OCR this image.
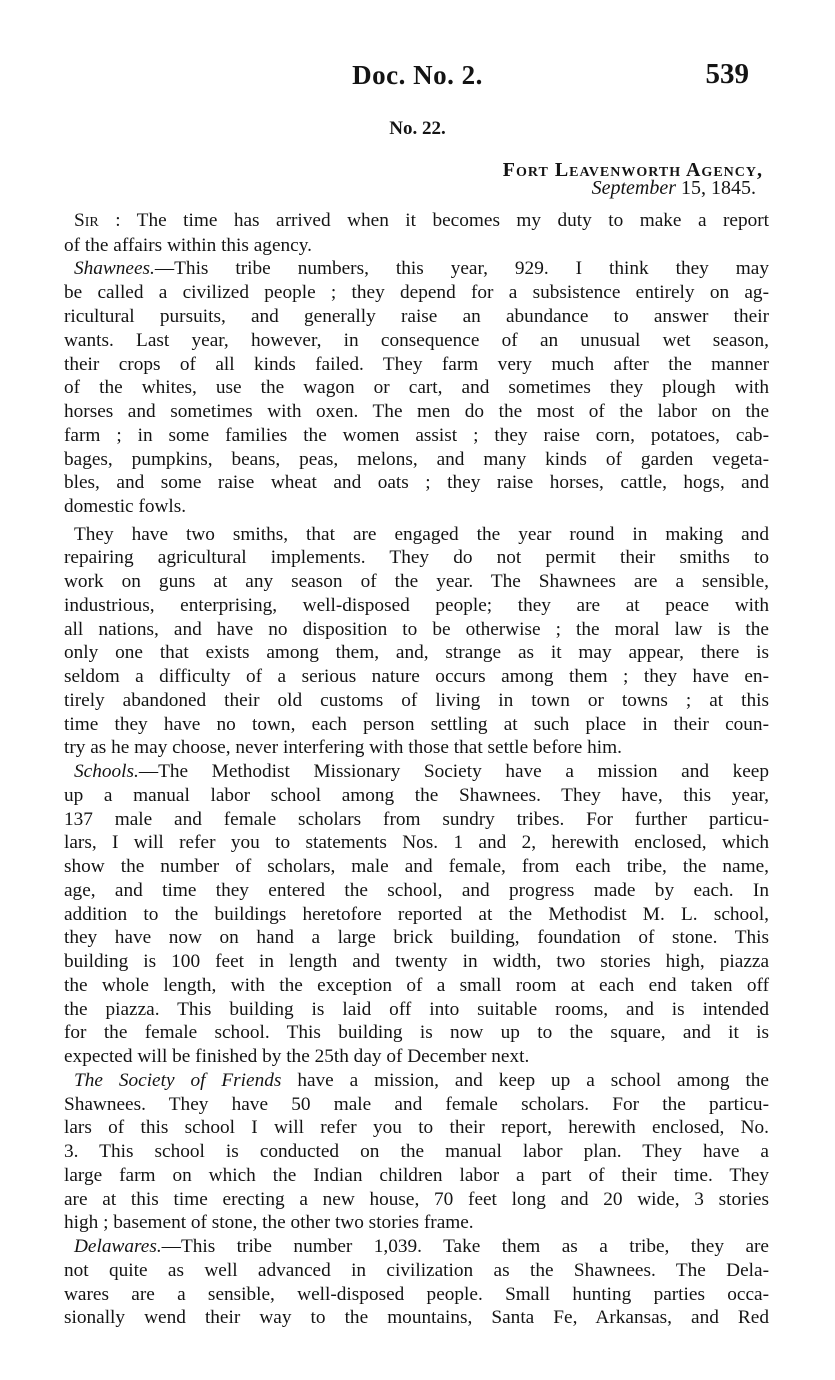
Doc. No. 2.	539
No. 22.
Fort Leavenworth Agency,
September 15, 1845.
Sir : The time has arrived when it becomes my duty to make a report
of the affairs within this agency.
Shawnees.—This tribe numbers, this year, 929. I think they may
be called a civilized people ; they depend for a subsistence entirely on ag-
ricultural pursuits, and generally raise an abundance to answer their
wants. Last year, however, in consequence of an unusual wet season,
their crops of all kinds failed. They farm very much after the manner
of the whites, use the wagon or cart, and sometimes they plough with
horses and sometimes with oxen. The men do the most of the labor on the
farm ; in some families the women assist ; they raise corn, potatoes, cab-
bages, pumpkins, beans, peas, melons, and many kinds of garden vegeta-
bles, and some raise wheat and oats ; they raise horses, cattle, hogs, and
domestic fowls.
They have two smiths, that are engaged the year round in making and
repairing agricultural implements. They do not permit their smiths to
work on guns at any season of the year. The Shawnees are a sensible,
industrious, enterprising, well-disposed people; they are at peace with
all nations, and have no disposition to be otherwise ; the moral law is the
only one that exists among them, and, strange as it may appear, there is
seldom a difficulty of a serious nature occurs among them ; they have en-
tirely abandoned their old customs of living in town or towns ; at this
time they have no town, each person settling at such place in their coun-
try as he may choose, never interfering with those that settle before him.
Schools.—The Methodist Missionary Society have a mission and keep
up a manual labor school among the Shawnees. They have, this year,
137 male and female scholars from sundry tribes. For further particu-
lars, I will refer you to statements Nos. 1 and 2, herewith enclosed, which
show the number of scholars, male and female, from each tribe, the name,
age, and time they entered the school, and progress made by each. In
addition to the buildings heretofore reported at the Methodist M. L. school,
they have now on hand a large brick building, foundation of stone. This
building is 100 feet in length and twenty in width, two stories high, piazza
the whole length, with the exception of a small room at each end taken off
the piazza. This building is laid off into suitable rooms, and is intended
for the female school. This building is now up to the square, and it is
expected will be finished by the 25th day of December next.
The Society of Friends have a mission, and keep up a school among the
Shawnees. They have 50 male and female scholars. For the particu-
lars of this school I will refer you to their report, herewith enclosed, No.
3. This school is conducted on the manual labor plan. They have a
large farm on which the Indian children labor a part of their time. They
are at this time erecting a new house, 70 feet long and 20 wide, 3 stories
high ; basement of stone, the other two stories frame.
Delawares.—This tribe number 1,039. Take them as a tribe, they are
not quite as well advanced in civilization as the Shawnees. The Dela-
wares are a sensible, well-disposed people. Small hunting parties occa-
sionally wend their way to the mountains, Santa Fe, Arkansas, and Red
